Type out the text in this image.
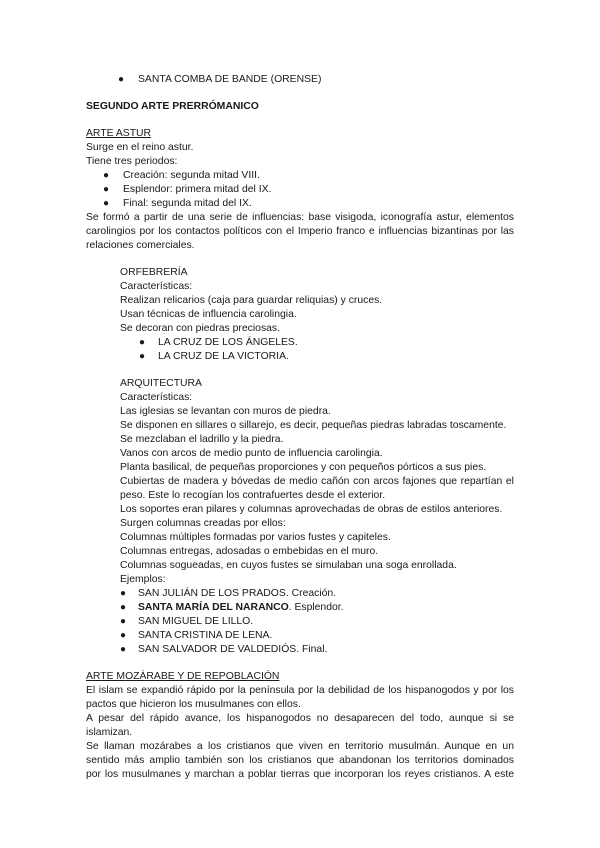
● SANTA COMBA DE BANDE (ORENSE)
SEGUNDO ARTE PRERRÓMANICO
ARTE ASTUR
Surge en el reino astur.
Tiene tres periodos:
● Creación: segunda mitad VIII.
● Esplendor: primera mitad del IX.
● Final: segunda mitad del IX.
Se formó a partir de una serie de influencias: base visigoda, iconografía astur, elementos
carolingios por los contactos políticos con el Imperio franco e influencias bizantinas por las
relaciones comerciales.
ORFEBRERÍA
Características:
Realizan relicarios (caja para guardar reliquias) y cruces.
Usan técnicas de influencia carolingia.
Se decoran con piedras preciosas.
● LA CRUZ DE LOS ÁNGELES.
● LA CRUZ DE LA VICTORIA.
ARQUITECTURA
Características:
Las iglesias se levantan con muros de piedra.
Se disponen en sillares o sillarejo, es decir, pequeñas piedras labradas toscamente.
Se mezclaban el ladrillo y la piedra.
Vanos con arcos de medio punto de influencia carolingia.
Planta basilical, de pequeñas proporciones y con pequeños pórticos a sus pies.
Cubiertas de madera y bóvedas de medio cañón con arcos fajones que repartían el
peso. Este lo recogían los contrafuertes desde el exterior.
Los soportes eran pilares y columnas aprovechadas de obras de estilos anteriores.
Surgen columnas creadas por ellos:
Columnas múltiples formadas por varios fustes y capiteles.
Columnas entregas, adosadas o embebidas en el muro.
Columnas sogueadas, en cuyos fustes se simulaban una soga enrollada.
Ejemplos:
● SAN JULIÁN DE LOS PRADOS. Creación.
● SANTA MARÍA DEL NARANCO. Esplendor.
● SAN MIGUEL DE LILLO.
● SANTA CRISTINA DE LENA.
● SAN SALVADOR DE VALDEDIÓS. Final.
ARTE MOZÁRABE Y DE REPOBLACIÓN
El islam se expandió rápido por la península por la debilidad de los hispanogodos y por los
pactos que hicieron los musulmanes con ellos.
A pesar del rápido avance, los hispanogodos no desaparecen del todo, aunque si se
islamizan.
Se llaman mozárabes a los cristianos que viven en territorio musulmán. Aunque en un
sentido más amplio también son los cristianos que abandonan los territorios dominados
por los musulmanes y marchan a poblar tierras que incorporan los reyes cristianos. A este
